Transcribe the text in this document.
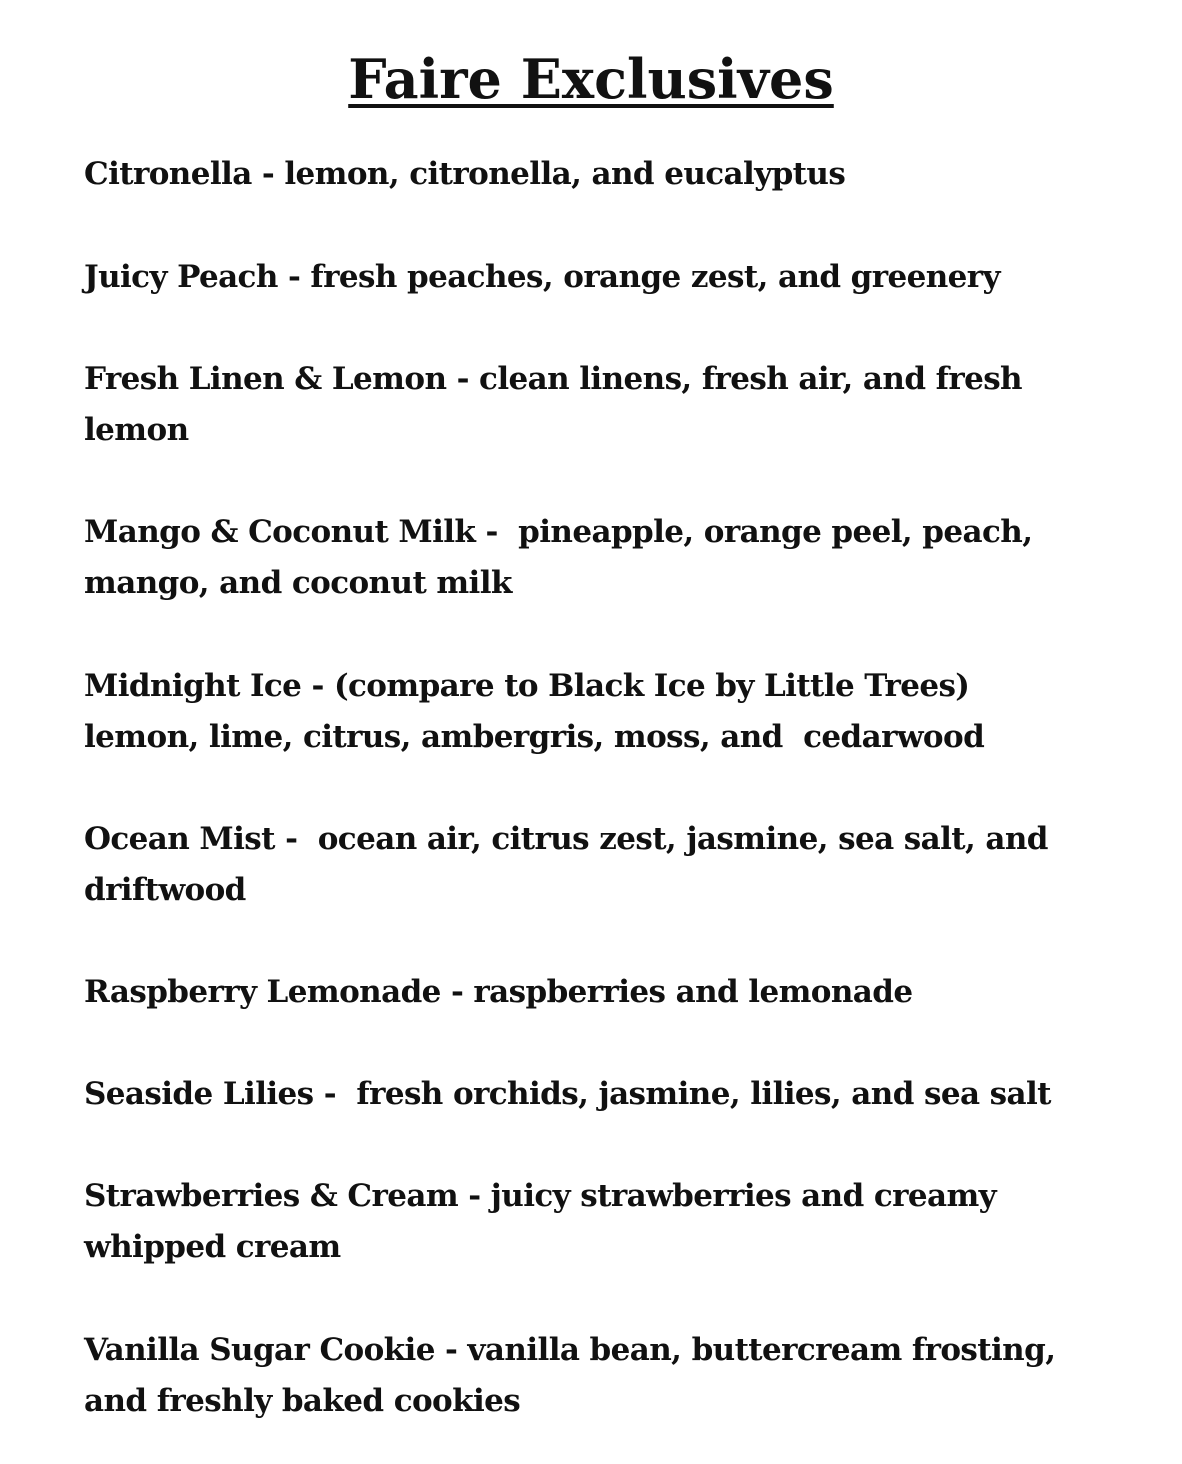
Faire Exclusives

Citronella - lemon, citronella, and eucalyptus

Juicy Peach - fresh peaches, orange zest, and greenery

Fresh Linen & Lemon - clean linens, fresh air, and fresh
lemon

Mango & Coconut Milk -  pineapple, orange peel, peach,
mango, and coconut milk

Midnight Ice - (compare to Black Ice by Little Trees)
lemon, lime, citrus, ambergris, moss, and  cedarwood

Ocean Mist -  ocean air, citrus zest, jasmine, sea salt, and
driftwood

Raspberry Lemonade - raspberries and lemonade

Seaside Lilies -  fresh orchids, jasmine, lilies, and sea salt

Strawberries & Cream - juicy strawberries and creamy
whipped cream

Vanilla Sugar Cookie - vanilla bean, buttercream frosting,
and freshly baked cookies
